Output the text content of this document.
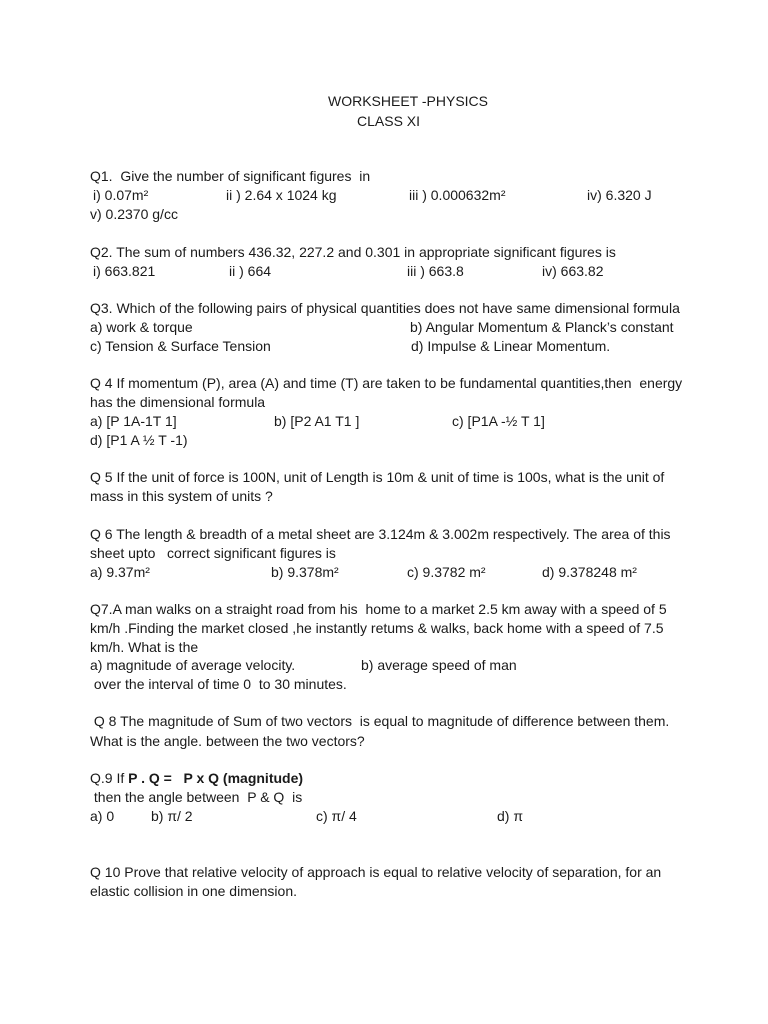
WORKSHEET -PHYSICS
CLASS XI
Q1.  Give the number of significant figures  in
i) 0.07m²	ii ) 2.64 x 1024 kg	iii ) 0.000632m²	iv) 6.320 J
v) 0.2370 g/cc
Q2. The sum of numbers 436.32, 227.2 and 0.301 in appropriate significant figures is
i) 663.821	ii ) 664	iii ) 663.8	iv) 663.82
Q3. Which of the following pairs of physical quantities does not have same dimensional formula
a) work & torque	b) Angular Momentum & Planck’s constant
c) Tension & Surface Tension	d) Impulse & Linear Momentum.
Q 4 If momentum (P), area (A) and time (T) are taken to be fundamental quantities,then  energy
has the dimensional formula
a) [P 1A-1T 1]	b) [P2 A1 T1 ]	c) [P1A -½ T 1]
d) [P1 A ½ T -1)
Q 5 If the unit of force is 100N, unit of Length is 10m & unit of time is 100s, what is the unit of
mass in this system of units ?
Q 6 The length & breadth of a metal sheet are 3.124m & 3.002m respectively. The area of this
sheet upto   correct significant figures is
a) 9.37m²	b) 9.378m²	c) 9.3782 m²	d) 9.378248 m²
Q7.A man walks on a straight road from his  home to a market 2.5 km away with a speed of 5
km/h .Finding the market closed ,he instantly retums & walks, back home with a speed of 7.5
km/h. What is the
a) magnitude of average velocity.	b) average speed of man
over the interval of time 0  to 30 minutes.
Q 8 The magnitude of Sum of two vectors  is equal to magnitude of difference between them.
What is the angle. between the two vectors?
Q.9 If P . Q =   P x Q (magnitude)
then the angle between  P & Q  is
a) 0	b) π/ 2	c) π/ 4	d) π
Q 10 Prove that relative velocity of approach is equal to relative velocity of separation, for an
elastic collision in one dimension.
